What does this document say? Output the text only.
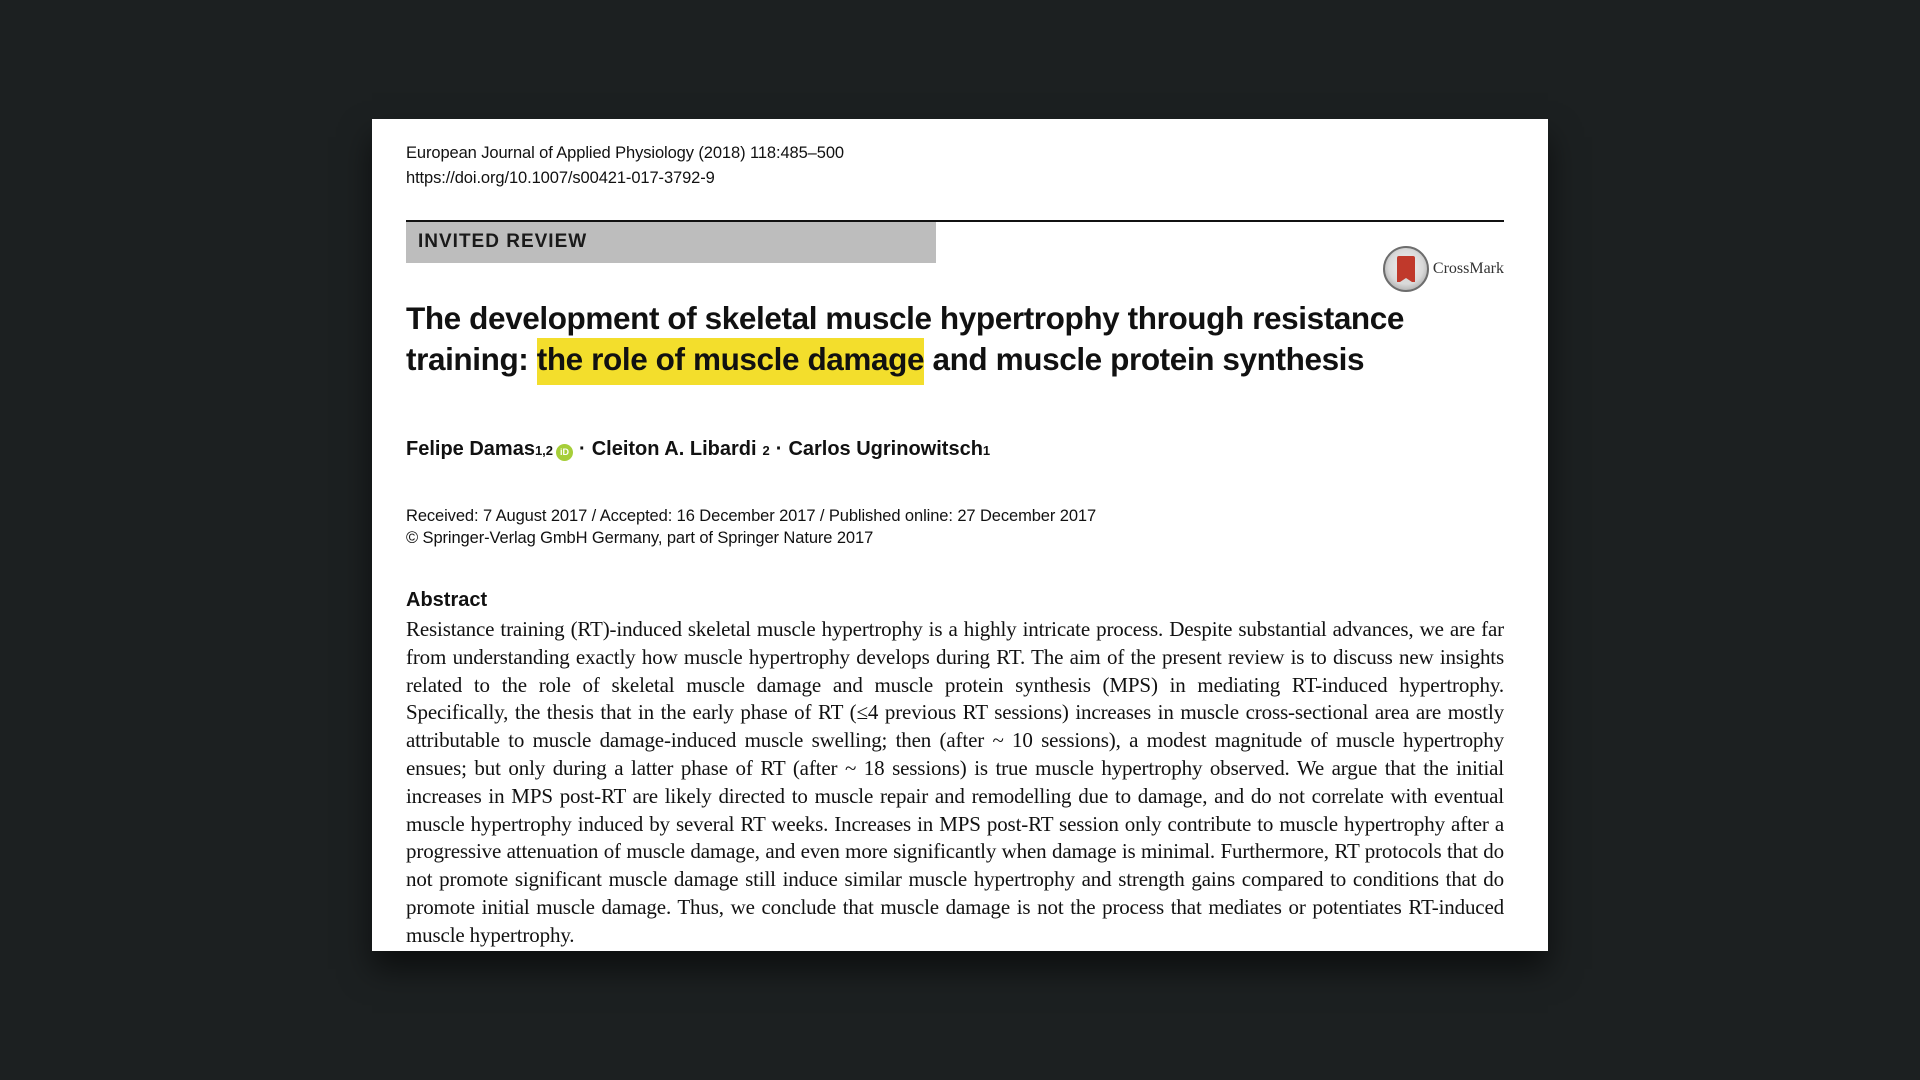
European Journal of Applied Physiology (2018) 118:485–500
https://doi.org/10.1007/s00421-017-3792-9
INVITED REVIEW
CrossMark
The development of skeletal muscle hypertrophy through resistance training: the role of muscle damage and muscle protein synthesis
Felipe Damas 1,2 iD · Cleiton A. Libardi 2 · Carlos Ugrinowitsch 1
Received: 7 August 2017 / Accepted: 16 December 2017 / Published online: 27 December 2017
© Springer-Verlag GmbH Germany, part of Springer Nature 2017
Abstract
Resistance training (RT)-induced skeletal muscle hypertrophy is a highly intricate process. Despite substantial advances, we are far from understanding exactly how muscle hypertrophy develops during RT. The aim of the present review is to discuss new insights related to the role of skeletal muscle damage and muscle protein synthesis (MPS) in mediating RT-induced hypertrophy. Specifically, the thesis that in the early phase of RT (≤4 previous RT sessions) increases in muscle cross-sectional area are mostly attributable to muscle damage-induced muscle swelling; then (after ~ 10 sessions), a modest magnitude of muscle hypertrophy ensues; but only during a latter phase of RT (after ~ 18 sessions) is true muscle hypertrophy observed. We argue that the initial increases in MPS post-RT are likely directed to muscle repair and remodelling due to damage, and do not correlate with eventual muscle hypertrophy induced by several RT weeks. Increases in MPS post-RT session only contribute to muscle hypertrophy after a progressive attenuation of muscle damage, and even more significantly when damage is minimal. Furthermore, RT protocols that do not promote significant muscle damage still induce similar muscle hypertrophy and strength gains compared to conditions that do promote initial muscle damage. Thus, we conclude that muscle damage is not the process that mediates or potentiates RT-induced muscle hypertrophy.
